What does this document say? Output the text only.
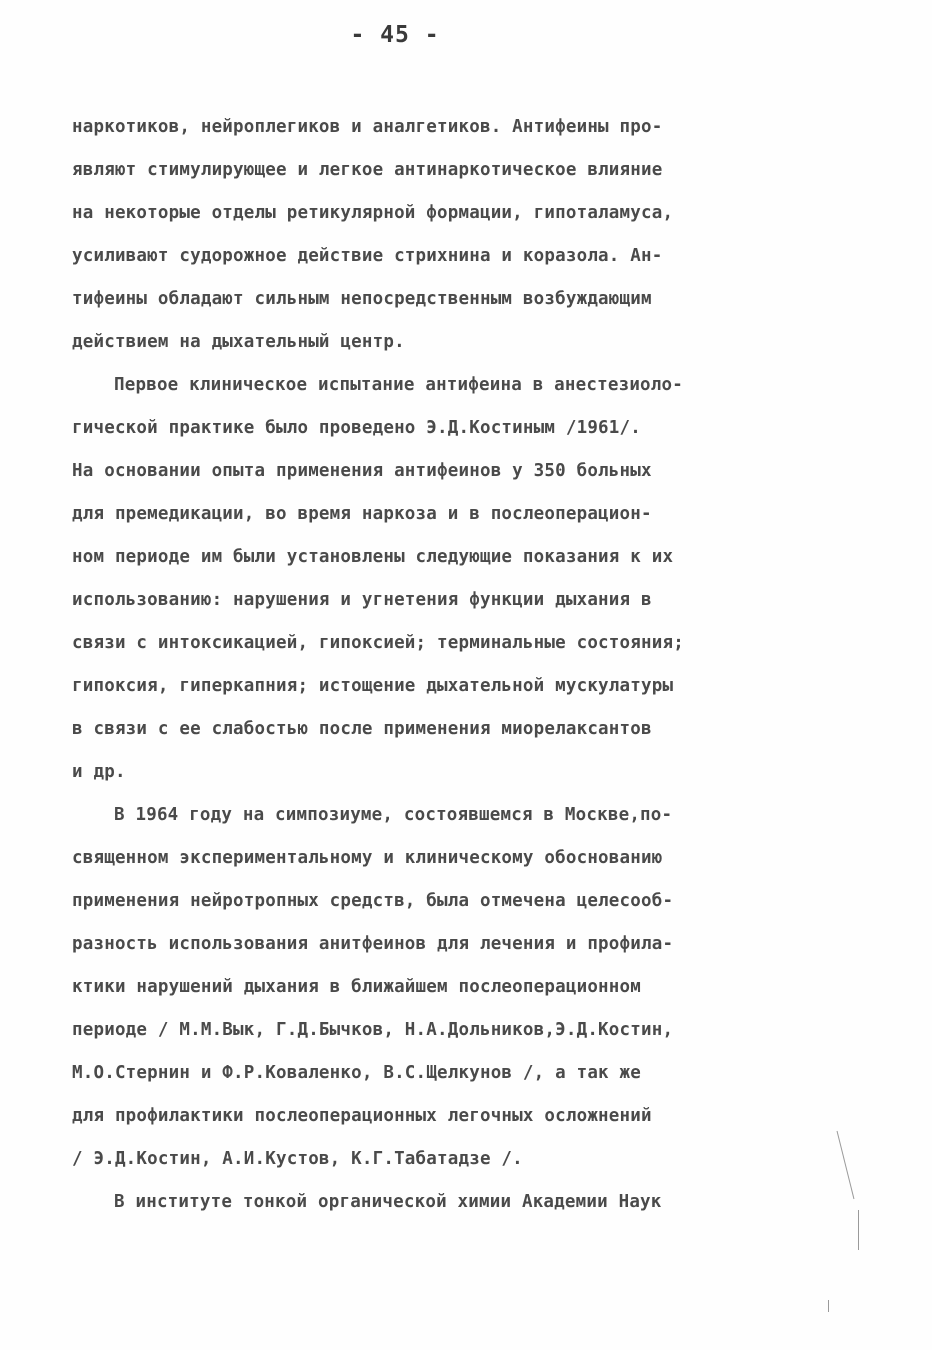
- 45 -
наркотиков, нейроплегиков и аналгетиков. Антифеины про-
являют стимулирующее и легкое антинаркотическое влияние
на некоторые отделы ретикулярной формации, гипоталамуса,
усиливают судорожное действие стрихнина и коразола. Ан-
тифеины обладают сильным непосредственным возбуждающим
действием на дыхательный центр.
Первое клиническое испытание антифеина в анестезиоло-
гической практике было проведено Э.Д.Костиным /1961/.
На основании опыта применения антифеинов у 350 больных
для премедикации, во время наркоза и в послеоперацион-
ном периоде им были установлены следующие показания к их
использованию: нарушения и угнетения функции дыхания в
связи с интоксикацией, гипоксией; терминальные состояния;
гипоксия, гиперкапния; истощение дыхательной мускулатуры
в связи с ее слабостью после применения миорелаксантов
и др.
В 1964 году на симпозиуме, состоявшемся в Москве,по-
священном экспериментальному и клиническому обоснованию
применения нейротропных средств, была отмечена целесооб-
разность использования анитфеинов для лечения и профила-
ктики нарушений дыхания в ближайшем послеоперационном
периоде / М.М.Вык, Г.Д.Бычков, Н.А.Дольников,Э.Д.Костин,
М.О.Стернин и Ф.Р.Коваленко, В.С.Щелкунов /, а так же
для профилактики послеоперационных легочных осложнений
/ Э.Д.Костин, А.И.Кустов, К.Г.Табатадзе /.
В институте тонкой органической химии Академии Наук
